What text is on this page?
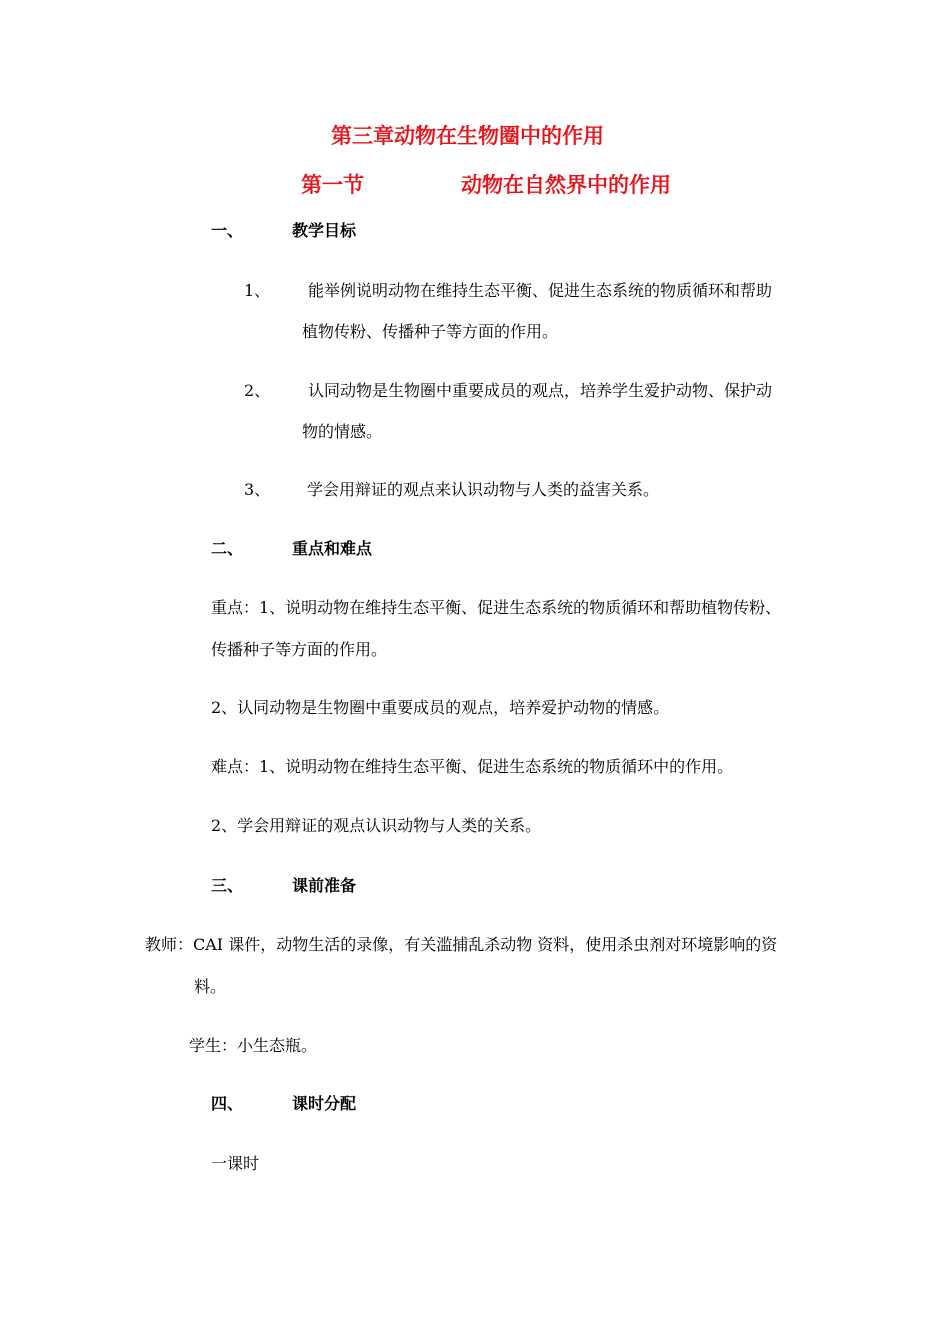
第三章动物在生物圈中的作用
第一节	动物在自然界中的作用
一、	教学目标
1、 能举例说明动物在维持生态平衡、促进生态系统的物质循环和帮助
植物传粉、传播种子等方面的作用。
2、 认同动物是生物圈中重要成员的观点，培养学生爱护动物、保护动
物的情感。
3、 学会用辩证的观点来认识动物与人类的益害关系。
二、	重点和难点
重点：1、说明动物在维持生态平衡、促进生态系统的物质循环和帮助植物传粉、
传播种子等方面的作用。
2、认同动物是生物圈中重要成员的观点，培养爱护动物的情感。
难点：1、说明动物在维持生态平衡、促进生态系统的物质循环中的作用。
2、学会用辩证的观点认识动物与人类的关系。
三、	课前准备
教师：CAI 课件，动物生活的录像，有关滥捕乱杀动物 资料，使用杀虫剂对环境影响的资
料。
学生：小生态瓶。
四、	课时分配
一课时
